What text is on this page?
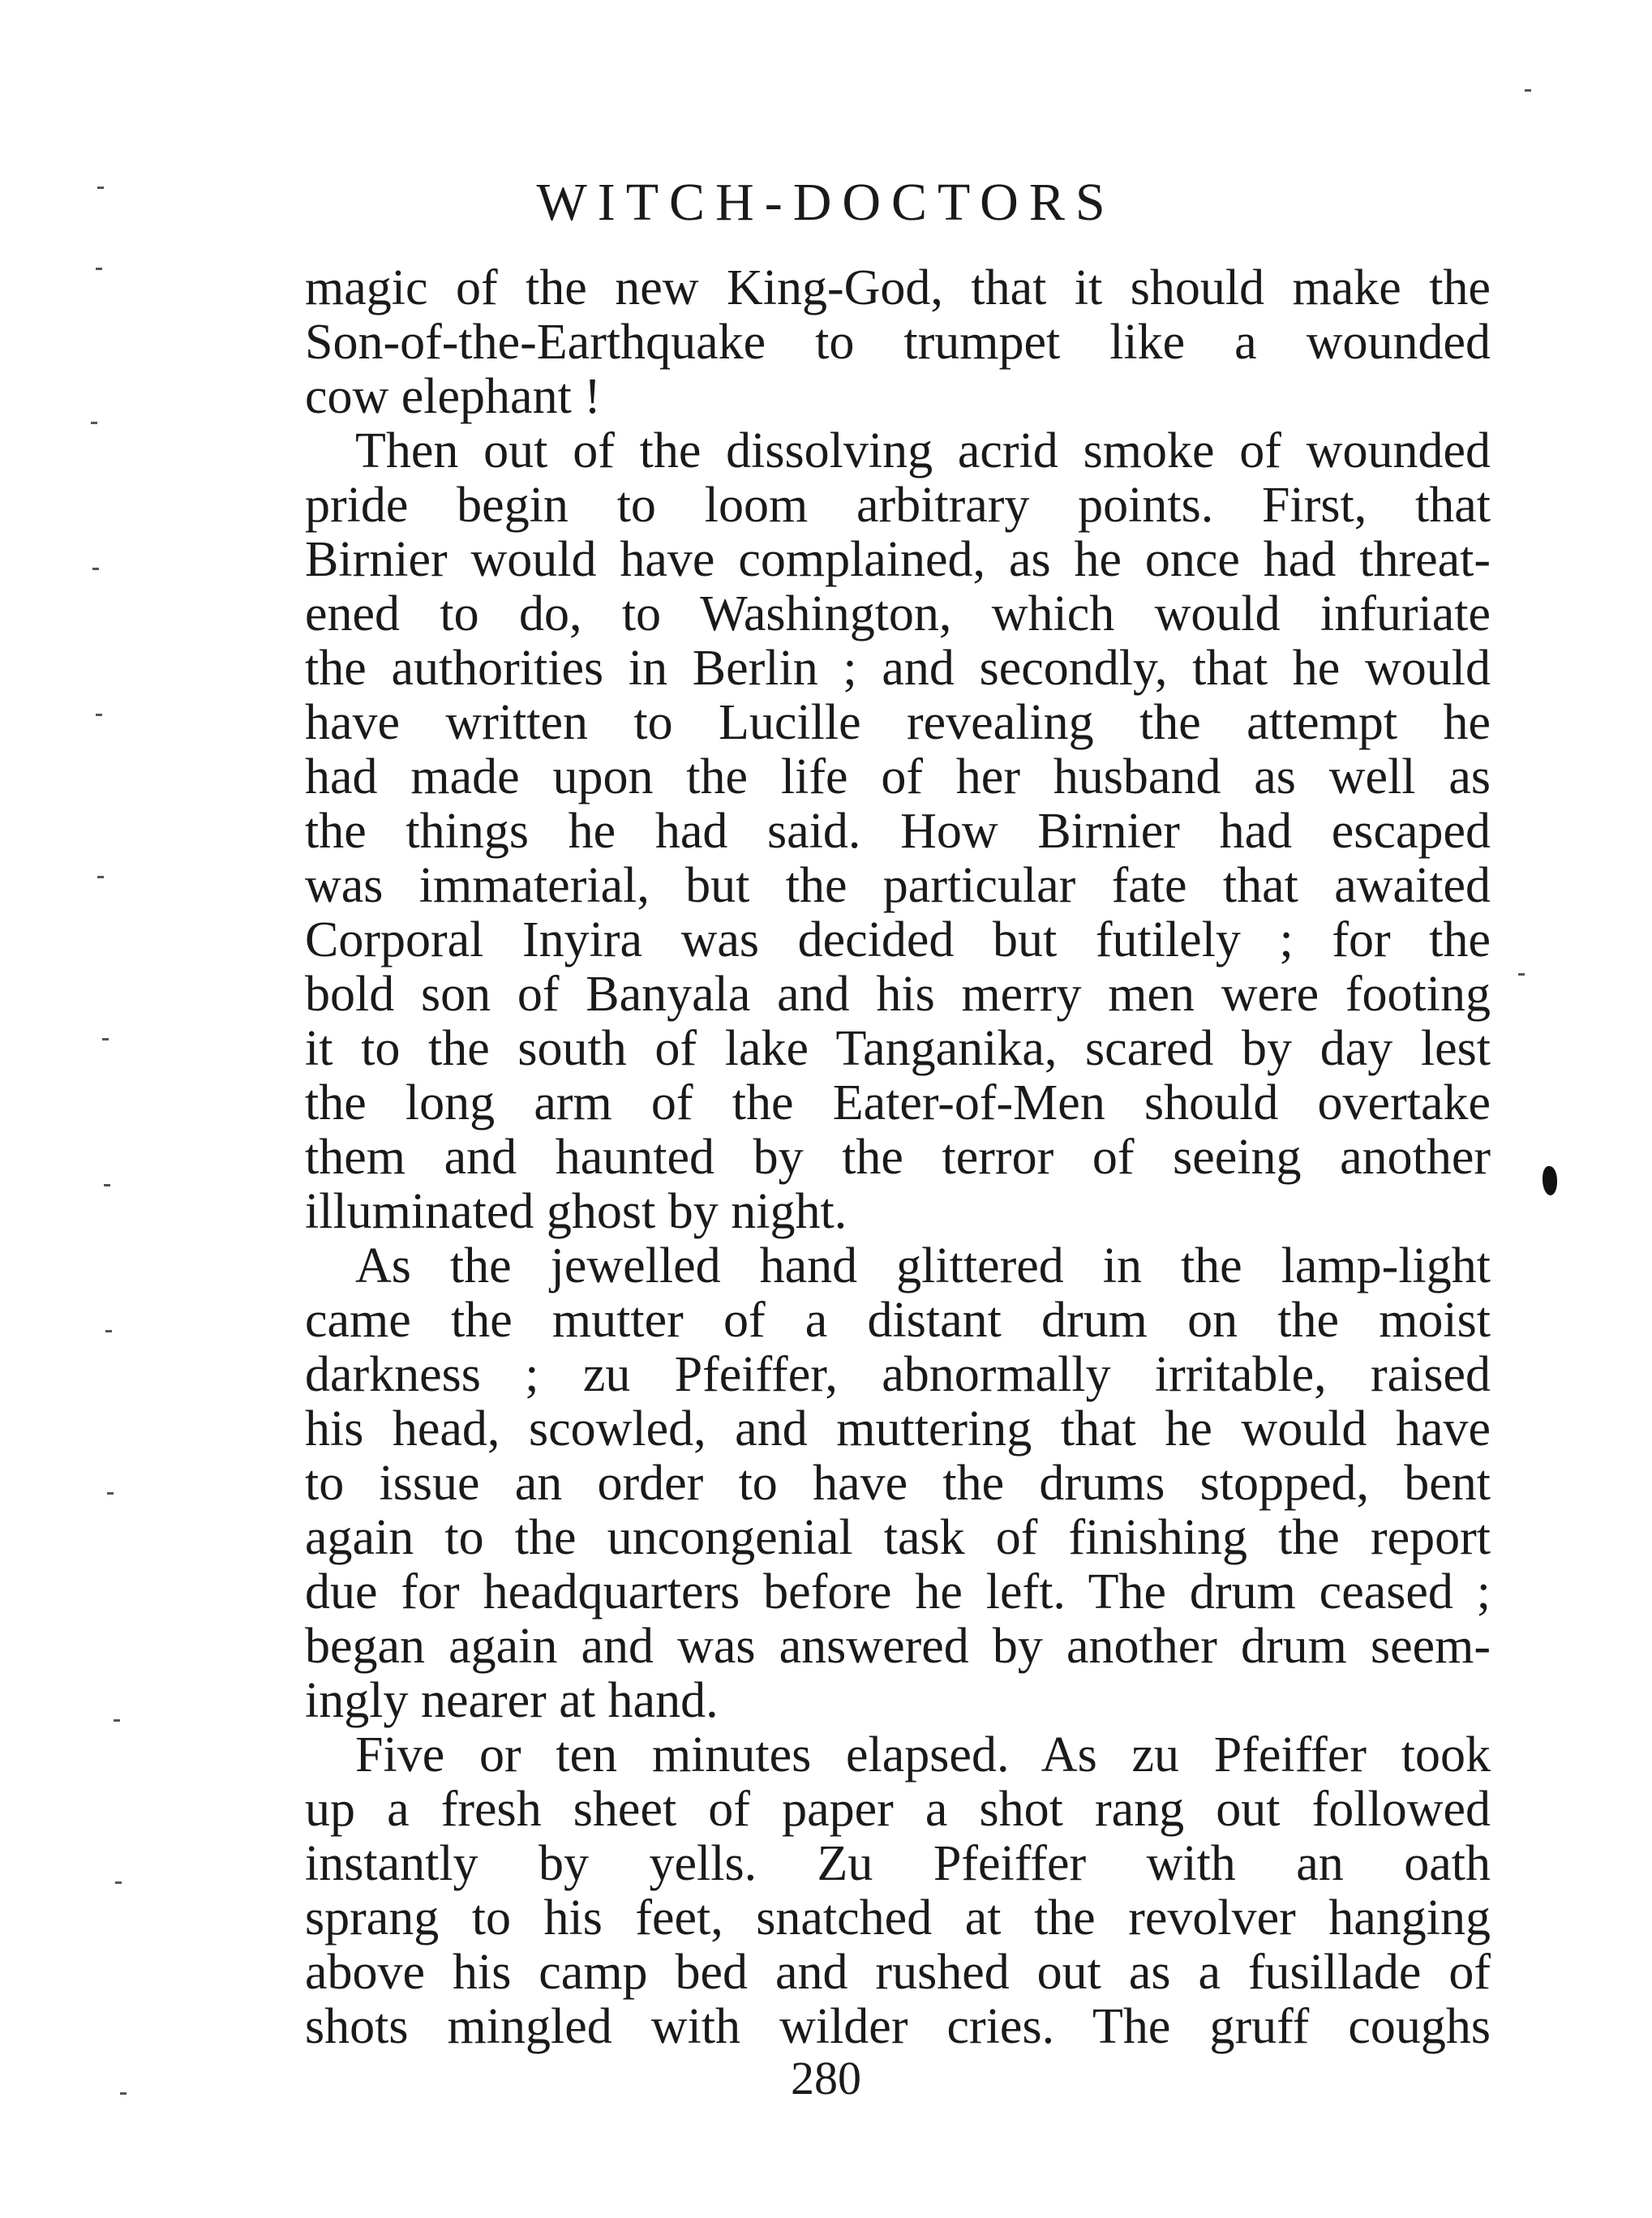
WITCH-DOCTORS
magic of the new King-God, that it should make the
Son-of-the-Earthquake to trumpet like a wounded
cow elephant !
Then out of the dissolving acrid smoke of wounded
pride begin to loom arbitrary points. First, that
Birnier would have complained, as he once had threat-
ened to do, to Washington, which would infuriate
the authorities in Berlin ; and secondly, that he would
have written to Lucille revealing the attempt he
had made upon the life of her husband as well as
the things he had said. How Birnier had escaped
was immaterial, but the particular fate that awaited
Corporal Inyira was decided but futilely ; for the
bold son of Banyala and his merry men were footing
it to the south of lake Tanganika, scared by day lest
the long arm of the Eater-of-Men should overtake
them and haunted by the terror of seeing another
illuminated ghost by night.
As the jewelled hand glittered in the lamp-light
came the mutter of a distant drum on the moist
darkness ; zu Pfeiffer, abnormally irritable, raised
his head, scowled, and muttering that he would have
to issue an order to have the drums stopped, bent
again to the uncongenial task of finishing the report
due for headquarters before he left. The drum ceased ;
began again and was answered by another drum seem-
ingly nearer at hand.
Five or ten minutes elapsed. As zu Pfeiffer took
up a fresh sheet of paper a shot rang out followed
instantly by yells. Zu Pfeiffer with an oath
sprang to his feet, snatched at the revolver hanging
above his camp bed and rushed out as a fusillade of
shots mingled with wilder cries. The gruff coughs
280
